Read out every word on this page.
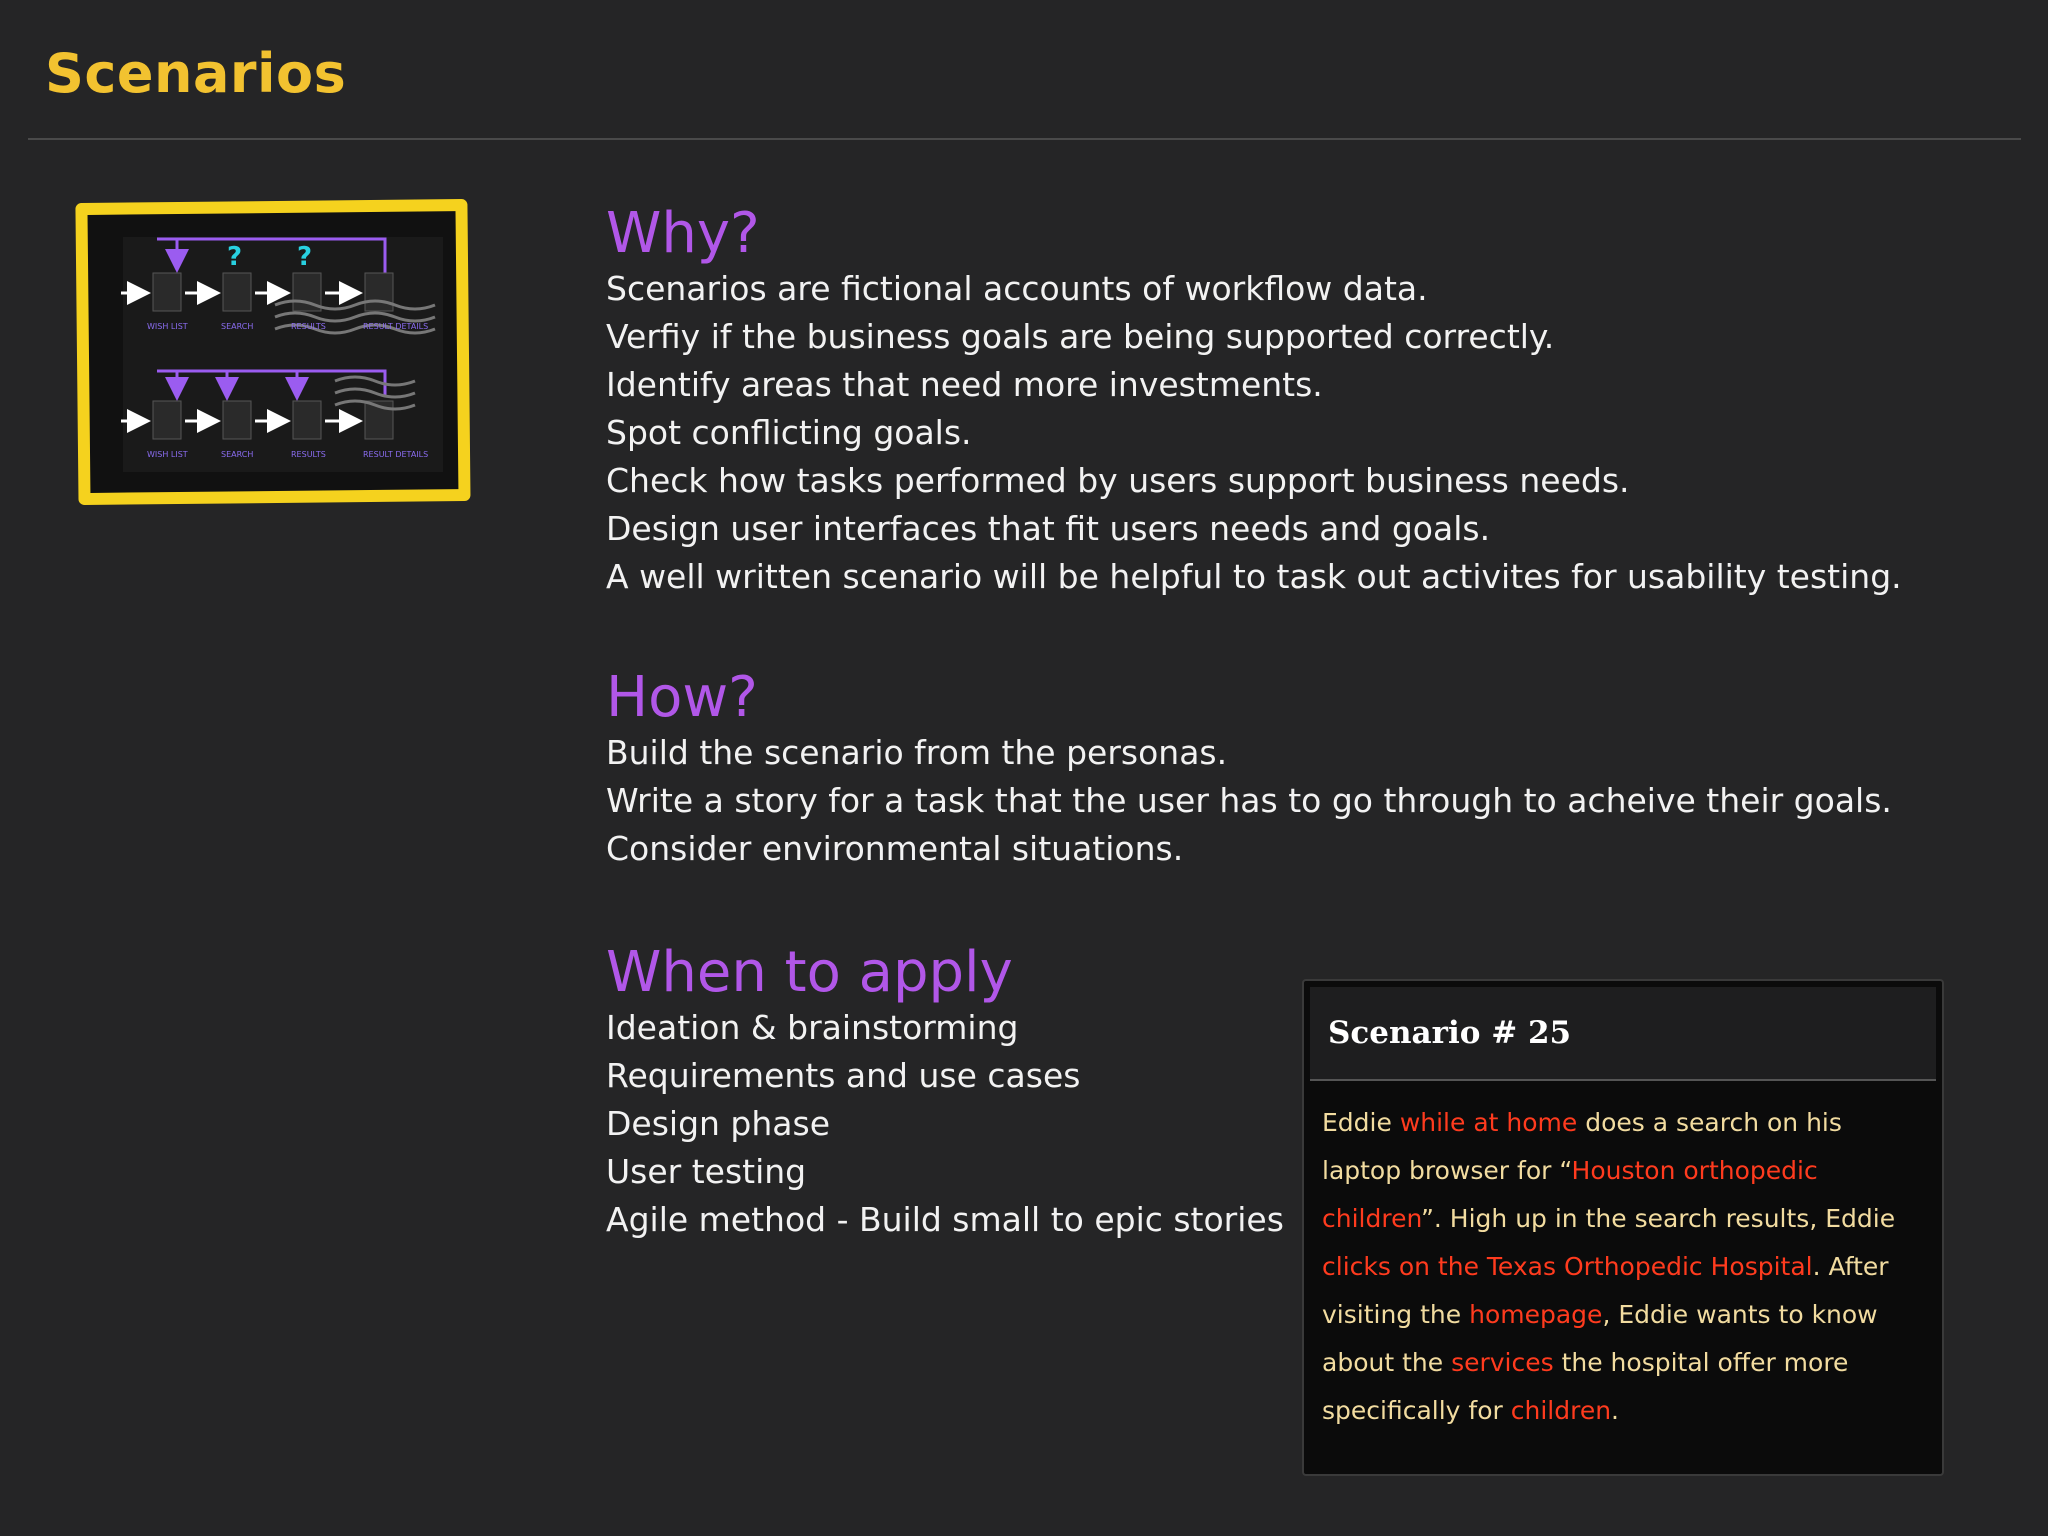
Scenarios
? ?
WISH LIST	SEARCH	RESULTS	RESULT DETAILS
WISH LIST	SEARCH	RESULTS	RESULT DETAILS
Why?
Scenarios are fictional accounts of workflow data.
Verfiy if the business goals are being supported correctly.
Identify areas that need more investments.
Spot conflicting goals.
Check how tasks performed by users support business needs.
Design user interfaces that fit users needs and goals.
A well written scenario will be helpful to task out activites for usability testing.
How?
Build the scenario from the personas.
Write a story for a task that the user has to go through to acheive their goals.
Consider environmental situations.
When to apply
Ideation & brainstorming
Requirements and use cases
Design phase
User testing
Agile method - Build small to epic stories
Scenario # 25
Eddie while at home does a search on his laptop browser for “Houston orthopedic children”. High up in the search results, Eddie clicks on the Texas Orthopedic Hospital. After visiting the homepage, Eddie wants to know about the services the hospital offer more specifically for children.
